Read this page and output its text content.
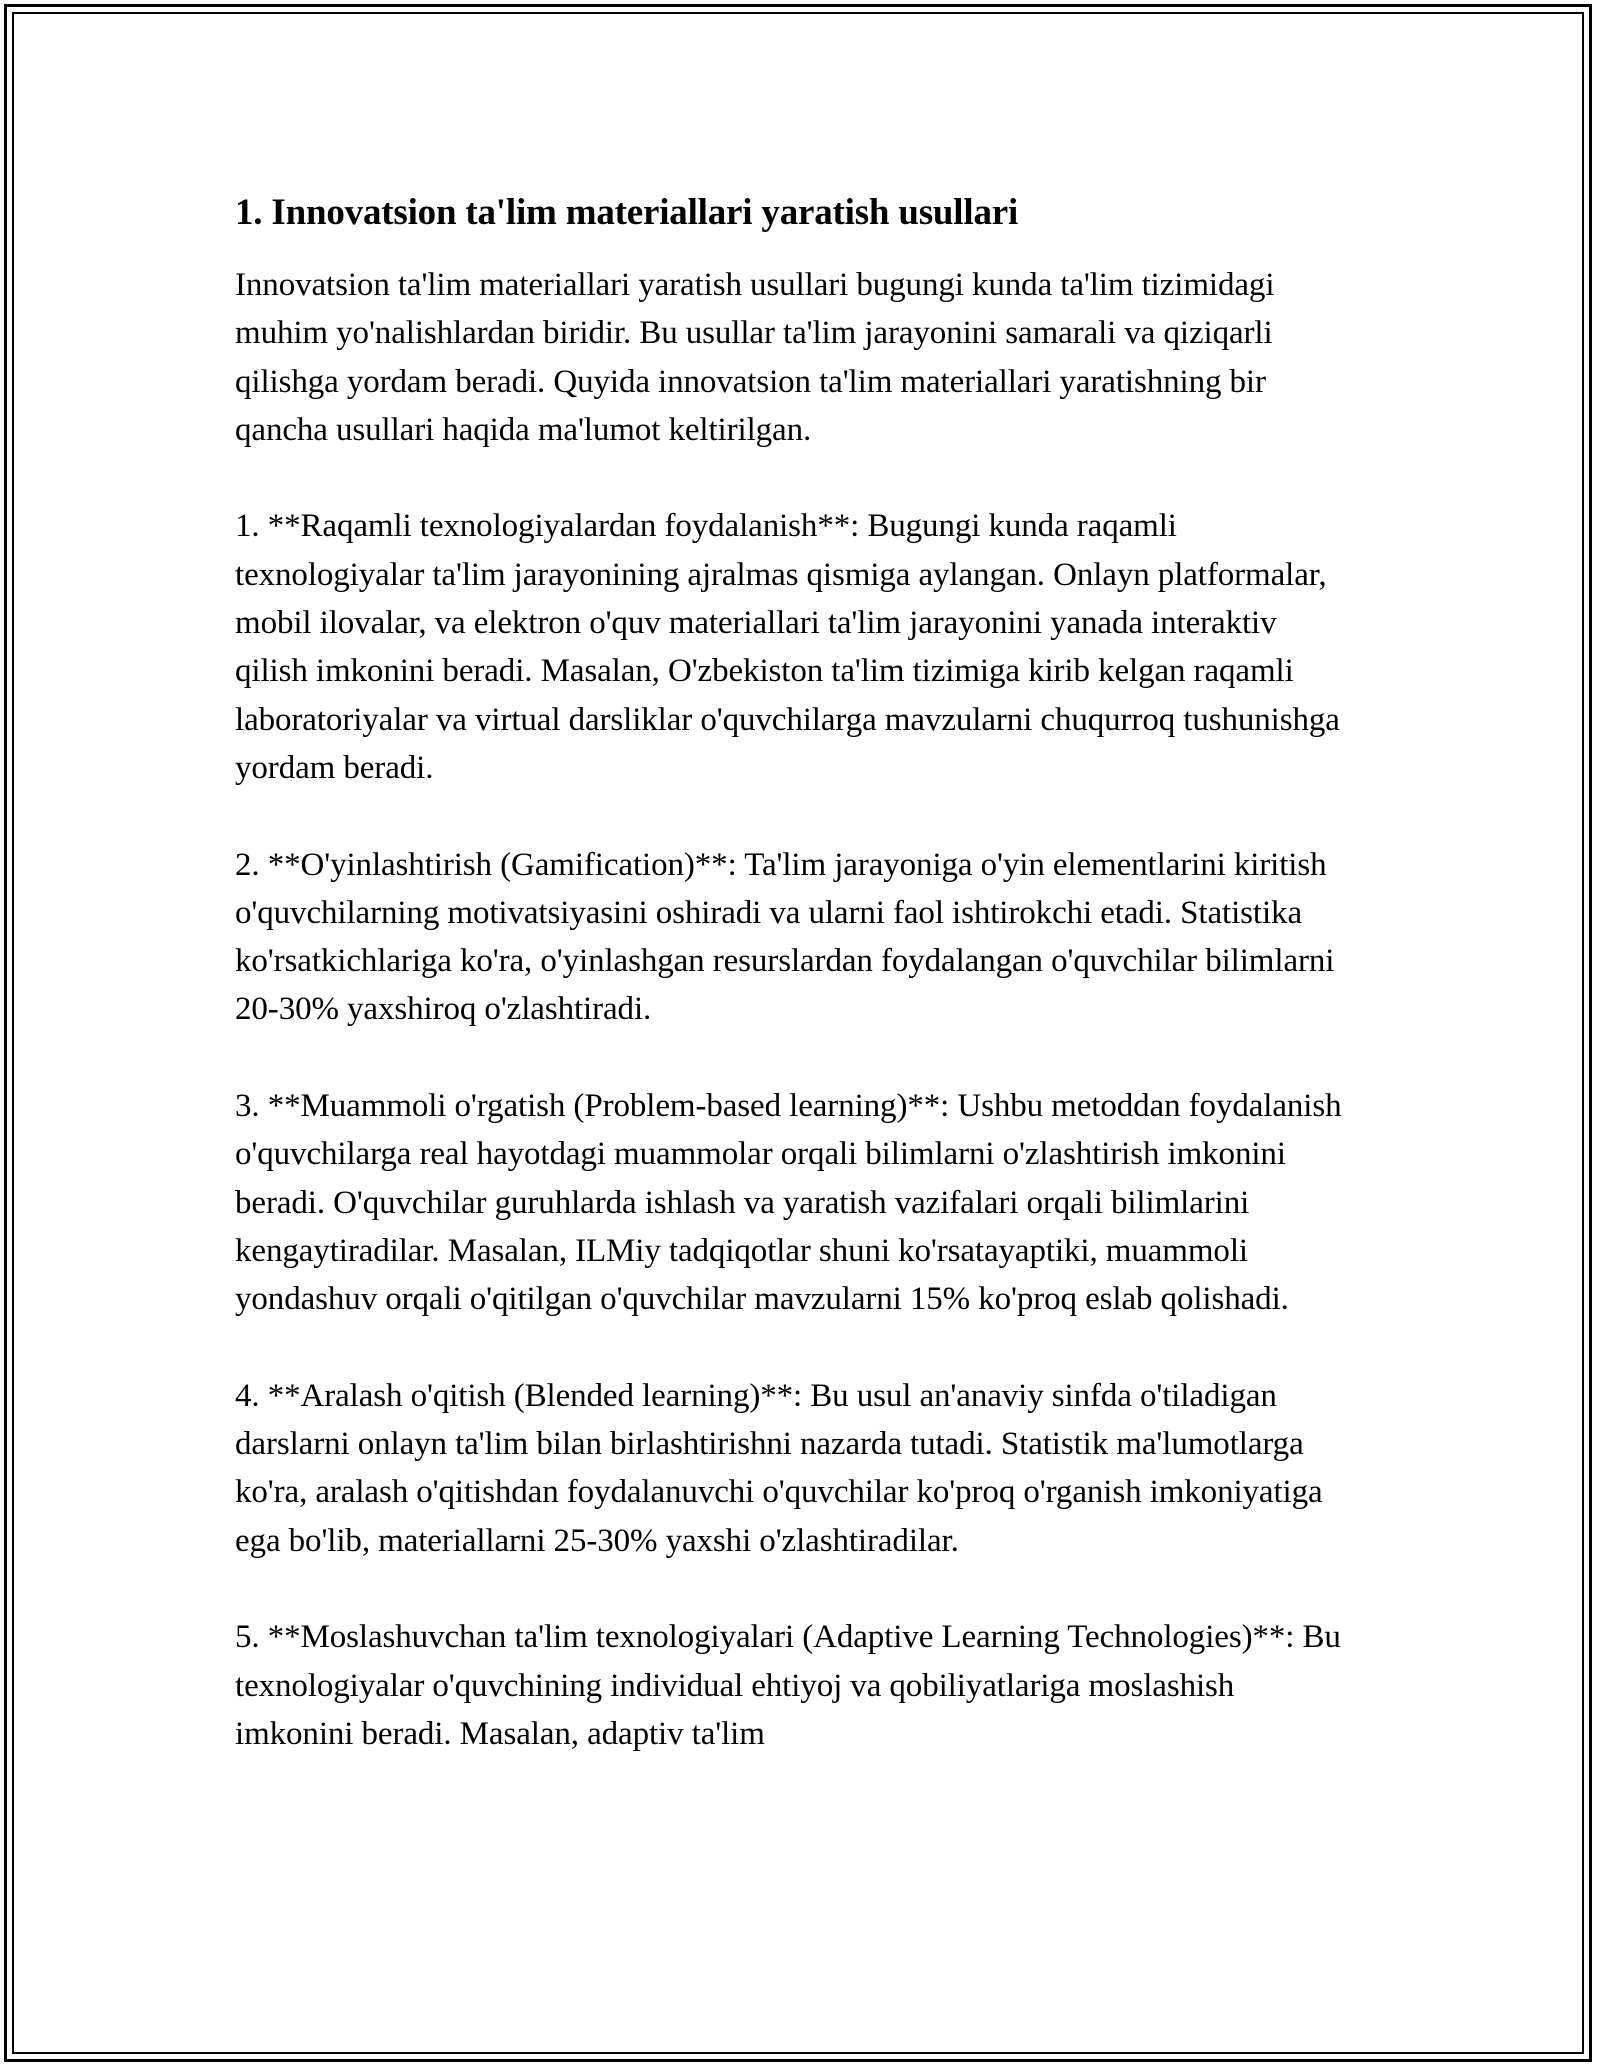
1. Innovatsion ta'lim materiallari yaratish usullari

Innovatsion ta'lim materiallari yaratish usullari bugungi kunda ta'lim tizimidagi muhim yo'nalishlardan biridir. Bu usullar ta'lim jarayonini samarali va qiziqarli qilishga yordam beradi. Quyida innovatsion ta'lim materiallari yaratishning bir qancha usullari haqida ma'lumot keltirilgan.

1. **Raqamli texnologiyalardan foydalanish**: Bugungi kunda raqamli texnologiyalar ta'lim jarayonining ajralmas qismiga aylangan. Onlayn platformalar, mobil ilovalar, va elektron o'quv materiallari ta'lim jarayonini yanada interaktiv qilish imkonini beradi. Masalan, O'zbekiston ta'lim tizimiga kirib kelgan raqamli laboratoriyalar va virtual darsliklar o'quvchilarga mavzularni chuqurroq tushunishga yordam beradi.

2. **O'yinlashtirish (Gamification)**: Ta'lim jarayoniga o'yin elementlarini kiritish o'quvchilarning motivatsiyasini oshiradi va ularni faol ishtirokchi etadi. Statistika ko'rsatkichlariga ko'ra, o'yinlashgan resurslardan foydalangan o'quvchilar bilimlarni 20-30% yaxshiroq o'zlashtiradi.

3. **Muammoli o'rgatish (Problem-based learning)**: Ushbu metoddan foydalanish o'quvchilarga real hayotdagi muammolar orqali bilimlarni o'zlashtirish imkonini beradi. O'quvchilar guruhlarda ishlash va yaratish vazifalari orqali bilimlarini kengaytiradilar. Masalan, ILMiy tadqiqotlar shuni ko'rsatayaptiki, muammoli yondashuv orqali o'qitilgan o'quvchilar mavzularni 15% ko'proq eslab qolishadi.

4. **Aralash o'qitish (Blended learning)**: Bu usul an'anaviy sinfda o'tiladigan darslarni onlayn ta'lim bilan birlashtirishni nazarda tutadi. Statistik ma'lumotlarga ko'ra, aralash o'qitishdan foydalanuvchi o'quvchilar ko'proq o'rganish imkoniyatiga ega bo'lib, materiallarni 25-30% yaxshi o'zlashtiradilar.

5. **Moslashuvchan ta'lim texnologiyalari (Adaptive Learning Technologies)**: Bu texnologiyalar o'quvchining individual ehtiyoj va qobiliyatlariga moslashish imkonini beradi. Masalan, adaptiv ta'lim
